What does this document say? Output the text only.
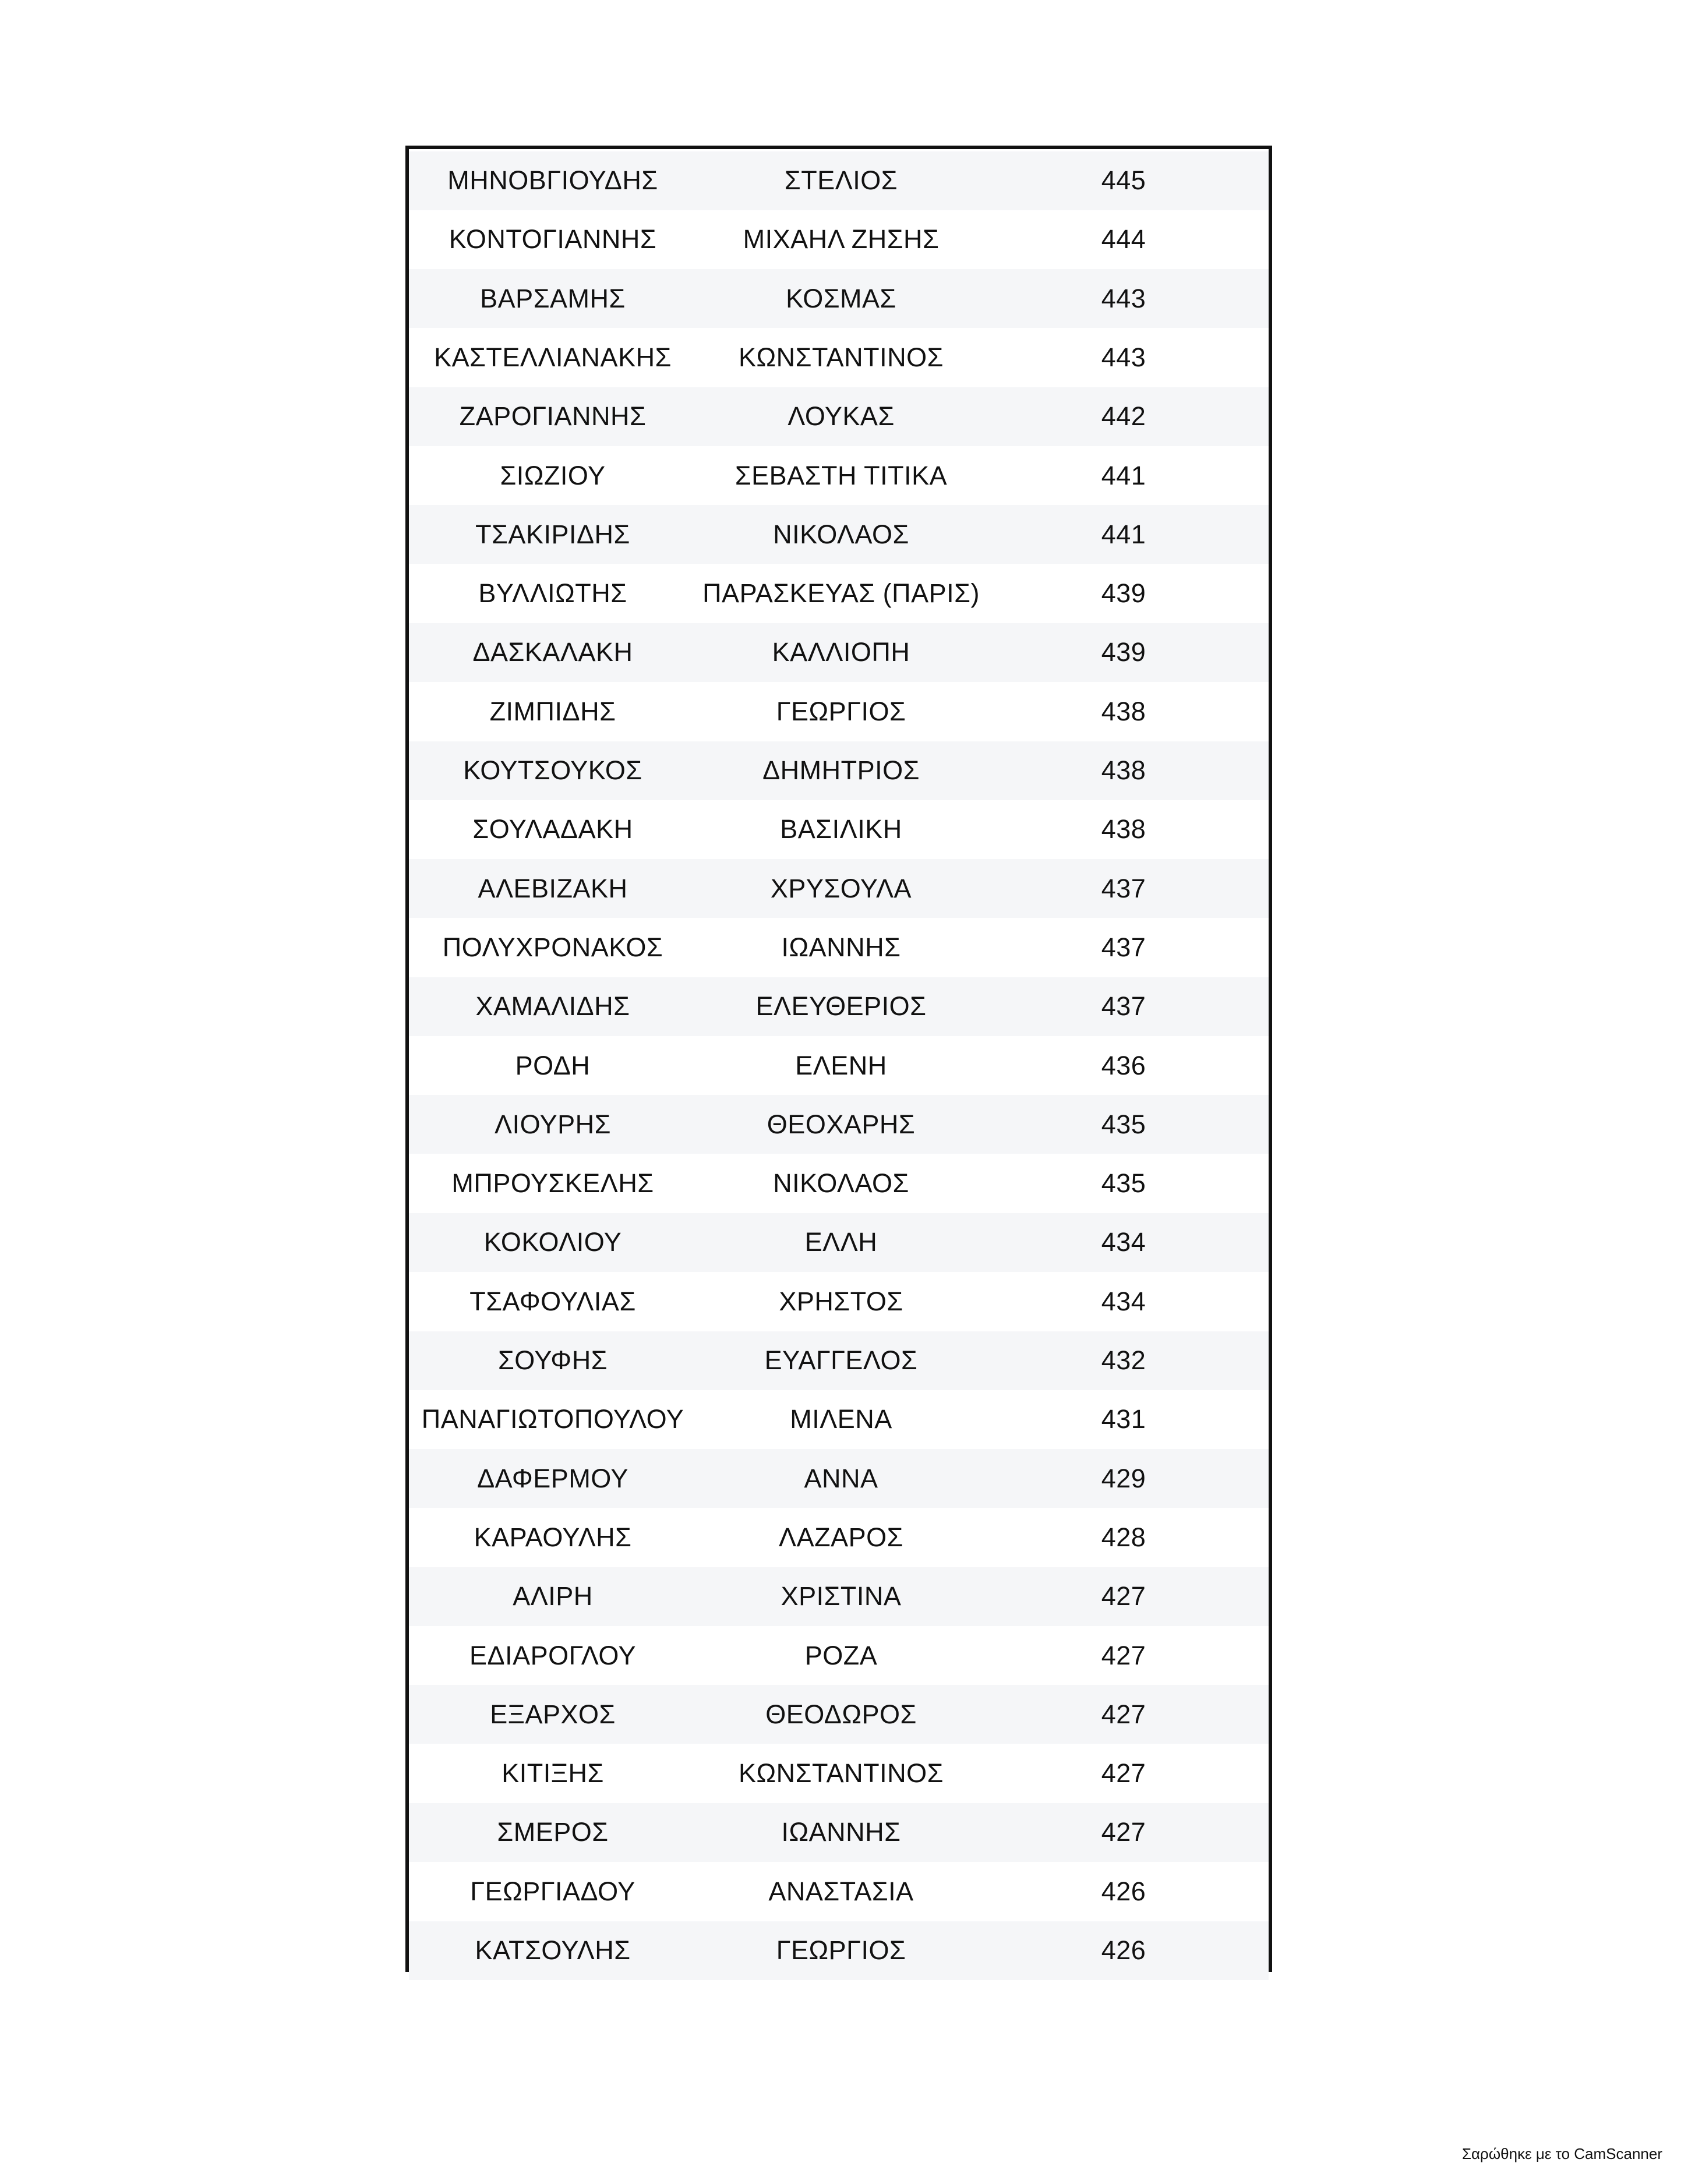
ΜΗΝΟΒΓΙΟΥΔΗΣ	ΣΤΕΛΙΟΣ	445
ΚΟΝΤΟΓΙΑΝΝΗΣ	ΜΙΧΑΗΛ ΖΗΣΗΣ	444
ΒΑΡΣΑΜΗΣ	ΚΟΣΜΑΣ	443
ΚΑΣΤΕΛΛΙΑΝΑΚΗΣ	ΚΩΝΣΤΑΝΤΙΝΟΣ	443
ΖΑΡΟΓΙΑΝΝΗΣ	ΛΟΥΚΑΣ	442
ΣΙΩΖΙΟΥ	ΣΕΒΑΣΤΗ ΤΙΤΙΚΑ	441
ΤΣΑΚΙΡΙΔΗΣ	ΝΙΚΟΛΑΟΣ	441
ΒΥΛΛΙΩΤΗΣ	ΠΑΡΑΣΚΕΥΑΣ (ΠΑΡΙΣ)	439
ΔΑΣΚΑΛΑΚΗ	ΚΑΛΛΙΟΠΗ	439
ΖΙΜΠΙΔΗΣ	ΓΕΩΡΓΙΟΣ	438
ΚΟΥΤΣΟΥΚΟΣ	ΔΗΜΗΤΡΙΟΣ	438
ΣΟΥΛΑΔΑΚΗ	ΒΑΣΙΛΙΚΗ	438
ΑΛΕΒΙΖΑΚΗ	ΧΡΥΣΟΥΛΑ	437
ΠΟΛΥΧΡΟΝΑΚΟΣ	ΙΩΑΝΝΗΣ	437
ΧΑΜΑΛΙΔΗΣ	ΕΛΕΥΘΕΡΙΟΣ	437
ΡΟΔΗ	ΕΛΕΝΗ	436
ΛΙΟΥΡΗΣ	ΘΕΟΧΑΡΗΣ	435
ΜΠΡΟΥΣΚΕΛΗΣ	ΝΙΚΟΛΑΟΣ	435
ΚΟΚΟΛΙΟΥ	ΕΛΛΗ	434
ΤΣΑΦΟΥΛΙΑΣ	ΧΡΗΣΤΟΣ	434
ΣΟΥΦΗΣ	ΕΥΑΓΓΕΛΟΣ	432
ΠΑΝΑΓΙΩΤΟΠΟΥΛΟΥ	ΜΙΛΕΝΑ	431
ΔΑΦΕΡΜΟΥ	ΑΝΝΑ	429
ΚΑΡΑΟΥΛΗΣ	ΛΑΖΑΡΟΣ	428
ΑΛΙΡΗ	ΧΡΙΣΤΙΝΑ	427
ΕΔΙΑΡΟΓΛΟΥ	ΡΟΖΑ	427
ΕΞΑΡΧΟΣ	ΘΕΟΔΩΡΟΣ	427
ΚΙΤΙΞΗΣ	ΚΩΝΣΤΑΝΤΙΝΟΣ	427
ΣΜΕΡΟΣ	ΙΩΑΝΝΗΣ	427
ΓΕΩΡΓΙΑΔΟΥ	ΑΝΑΣΤΑΣΙΑ	426
ΚΑΤΣΟΥΛΗΣ	ΓΕΩΡΓΙΟΣ	426
Σαρώθηκε με το CamScanner
